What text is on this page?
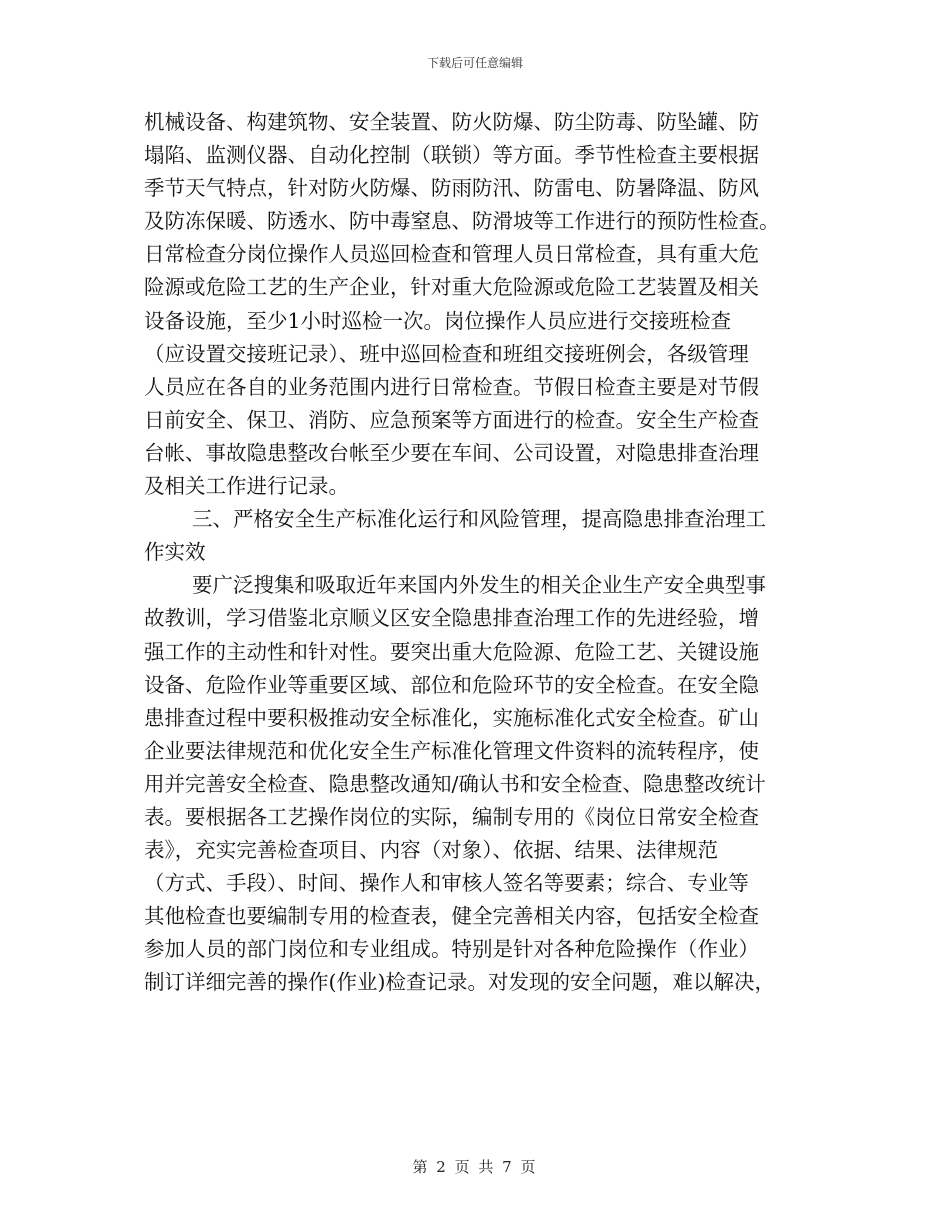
下载后可任意编辑
机械设备、构建筑物、安全装置、防火防爆、防尘防毒、防坠罐、防
塌陷、监测仪器、自动化控制（联锁）等方面。季节性检查主要根据
季节天气特点，针对防火防爆、防雨防汛、防雷电、防暑降温、防风
及防冻保暖、防透水、防中毒窒息、防滑坡等工作进行的预防性检查。
日常检查分岗位操作人员巡回检查和管理人员日常检查，具有重大危
险源或危险工艺的生产企业，针对重大危险源或危险工艺装置及相关
设备设施，至少1小时巡检一次。岗位操作人员应进行交接班检查
（应设置交接班记录）、班中巡回检查和班组交接班例会，各级管理
人员应在各自的业务范围内进行日常检查。节假日检查主要是对节假
日前安全、保卫、消防、应急预案等方面进行的检查。安全生产检查
台帐、事故隐患整改台帐至少要在车间、公司设置，对隐患排查治理
及相关工作进行记录。
三、严格安全生产标准化运行和风险管理，提高隐患排查治理工
作实效
要广泛搜集和吸取近年来国内外发生的相关企业生产安全典型事
故教训，学习借鉴北京顺义区安全隐患排查治理工作的先进经验，增
强工作的主动性和针对性。要突出重大危险源、危险工艺、关键设施
设备、危险作业等重要区域、部位和危险环节的安全检查。在安全隐
患排查过程中要积极推动安全标准化，实施标准化式安全检查。矿山
企业要法律规范和优化安全生产标准化管理文件资料的流转程序，使
用并完善安全检查、隐患整改通知/确认书和安全检查、隐患整改统计
表。要根据各工艺操作岗位的实际，编制专用的《岗位日常安全检查
表》，充实完善检查项目、内容（对象）、依据、结果、法律规范
（方式、手段）、时间、操作人和审核人签名等要素；综合、专业等
其他检查也要编制专用的检查表，健全完善相关内容，包括安全检查
参加人员的部门岗位和专业组成。特别是针对各种危险操作（作业）
制订详细完善的操作(作业)检查记录。对发现的安全问题，难以解决，
第 2 页 共 7 页
